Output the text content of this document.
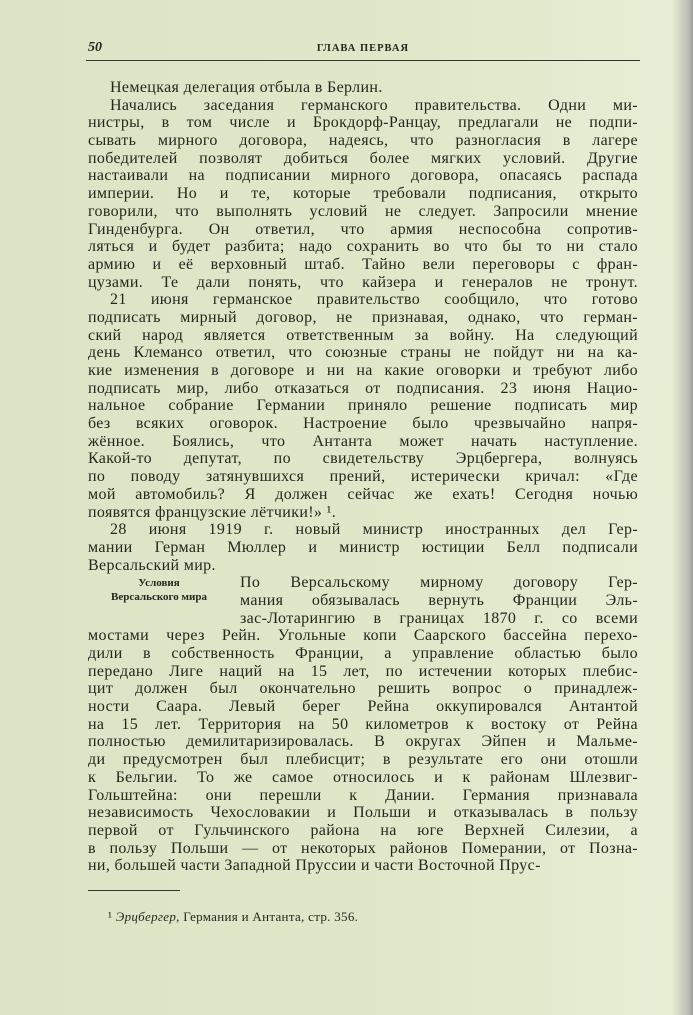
50	ГЛАВА ПЕРВАЯ
Условия
Версальского мира
Немецкая делегация отбыла в Берлин.
Начались заседания германского правительства. Одни ми-
нистры, в том числе и Брокдорф-Ранцау, предлагали не подпи-
сывать мирного договора, надеясь, что разногласия в лагере
победителей позволят добиться более мягких условий. Другие
настаивали на подписании мирного договора, опасаясь распада
империи. Но и те, которые требовали подписания, открыто
говорили, что выполнять условий не следует. Запросили мнение
Гинденбурга. Он ответил, что армия неспособна сопротив-
ляться и будет разбита; надо сохранить во что бы то ни стало
армию и её верховный штаб. Тайно вели переговоры с фран-
цузами. Те дали понять, что кайзера и генералов не тронут.
21 июня германское правительство сообщило, что готово
подписать мирный договор, не признавая, однако, что герман-
ский народ является ответственным за войну. На следующий
день Клемансо ответил, что союзные страны не пойдут ни на ка-
кие изменения в договоре и ни на какие оговорки и требуют либо
подписать мир, либо отказаться от подписания. 23 июня Нацио-
нальное собрание Германии приняло решение подписать мир
без всяких оговорок. Настроение было чрезвычайно напря-
жённое. Боялись, что Антанта может начать наступление.
Какой-то депутат, по свидетельству Эрцбергера, волнуясь
по поводу затянувшихся прений, истерически кричал: «Где
мой автомобиль? Я должен сейчас же ехать! Сегодня ночью
появятся французские лётчики!» ¹.
28 июня 1919 г. новый министр иностранных дел Гер-
мании Герман Мюллер и министр юстиции Белл подписали
Версальский мир.
По Версальскому мирному договору Гер-
мания обязывалась вернуть Франции Эль-
зас-Лотарингию в границах 1870 г. со всеми
мостами через Рейн. Угольные копи Саарского бассейна перехо-
дили в собственность Франции, а управление областью было
передано Лиге наций на 15 лет, по истечении которых плебис-
цит должен был окончательно решить вопрос о принадлеж-
ности Саара. Левый берег Рейна оккупировался Антантой
на 15 лет. Территория на 50 километров к востоку от Рейна
полностью демилитаризировалась. В округах Эйпен и Мальме-
ди предусмотрен был плебисцит; в результате его они отошли
к Бельгии. То же самое относилось и к районам Шлезвиг-
Гольштейна: они перешли к Дании. Германия признавала
независимость Чехословакии и Польши и отказывалась в пользу
первой от Гульчинского района на юге Верхней Силезии, а
в пользу Польши — от некоторых районов Померании, от Позна-
ни, большей части Западной Пруссии и части Восточной Прус-
¹ Эрцбергер, Германия и Антанта, стр. 356.
